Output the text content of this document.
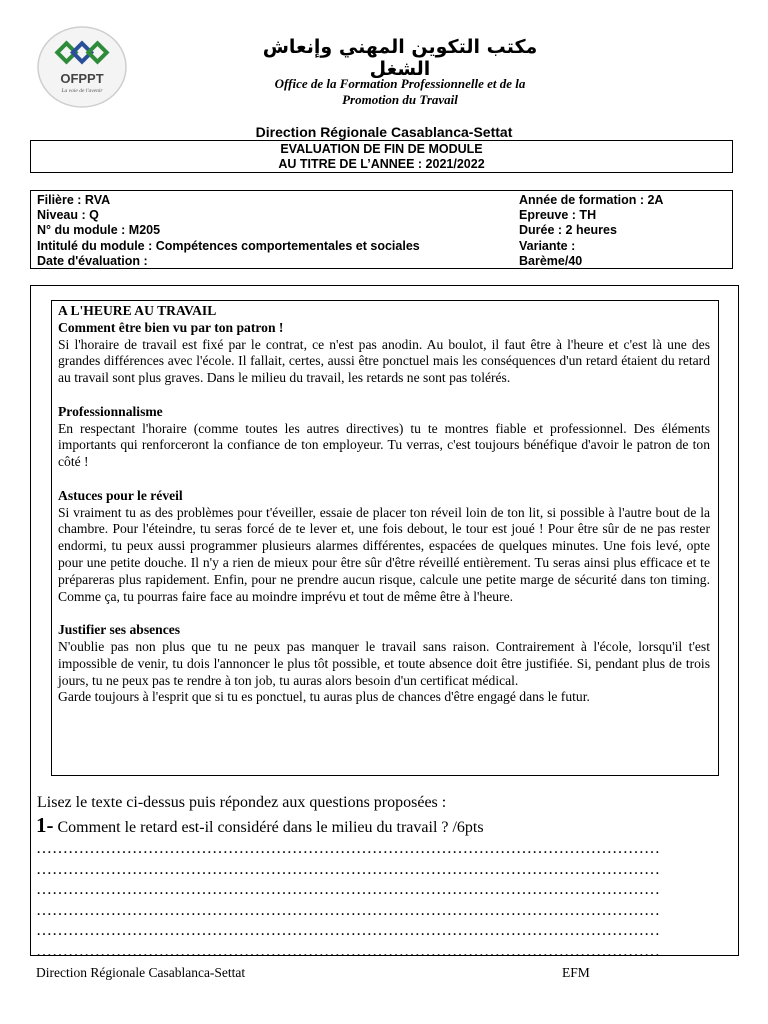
OFPPT
La voie de l'avenir
مكتب التكوين المهني وإنعاش الشغل
Office de la Formation Professionnelle et de la
Promotion du Travail
Direction Régionale Casablanca-Settat
EVALUATION DE FIN DE MODULE
AU TITRE DE L’ANNEE : 2021/2022
Filière : RVA
Niveau : Q
N° du module : M205
Intitulé du module : Compétences comportementales et sociales
Date d'évaluation :
Année de formation : 2A
Epreuve : TH
Durée : 2 heures
Variante :
Barème/40

A L'HEURE AU TRAVAIL

Comment être bien vu par ton patron !

Si l'horaire de travail est fixé par le contrat, ce n'est pas anodin. Au boulot, il faut être à l'heure et c'est là une des grandes différences avec l'école. Il fallait, certes, aussi être ponctuel mais les conséquences d'un retard étaient du retard au travail sont plus graves. Dans le milieu du travail, les retards ne sont pas tolérés.

Professionnalisme

En respectant l'horaire (comme toutes les autres directives) tu te montres fiable et professionnel. Des éléments importants qui renforceront la confiance de ton employeur. Tu verras, c'est toujours bénéfique d'avoir le patron de ton côté !

Astuces pour le réveil

Si vraiment tu as des problèmes pour t'éveiller, essaie de placer ton réveil loin de ton lit, si possible à l'autre bout de la chambre. Pour l'éteindre, tu seras forcé de te lever et, une fois debout, le tour est joué ! Pour être sûr de ne pas rester endormi, tu peux aussi programmer plusieurs alarmes différentes, espacées de quelques minutes. Une fois levé, opte pour une petite douche. Il n'y a rien de mieux pour être sûr d'être réveillé entièrement. Tu seras ainsi plus efficace et te prépareras plus rapidement. Enfin, pour ne prendre aucun risque, calcule une petite marge de sécurité dans ton timing. Comme ça, tu pourras faire face au moindre imprévu et tout de même être à l'heure.

Justifier ses absences

N'oublie pas non plus que tu ne peux pas manquer le travail sans raison. Contrairement à l'école, lorsqu'il t'est impossible de venir, tu dois l'annoncer le plus tôt possible, et toute absence doit être justifiée. Si, pendant plus de trois jours, tu ne peux pas te rendre à ton job, tu auras alors besoin d'un certificat médical.

Garde toujours à l'esprit que si tu es ponctuel, tu auras plus de chances d'être engagé dans le futur.

Lisez le texte ci-dessus puis répondez aux questions proposées :
1- Comment le retard est-il considéré dans le milieu du travail ? /6pts
………………………………………………………………………………………………………
………………………………………………………………………………………………………
………………………………………………………………………………………………………
………………………………………………………………………………………………………
………………………………………………………………………………………………………
………………………………………………………………………………………………………
Direction Régionale Casablanca-Settat	EFM
